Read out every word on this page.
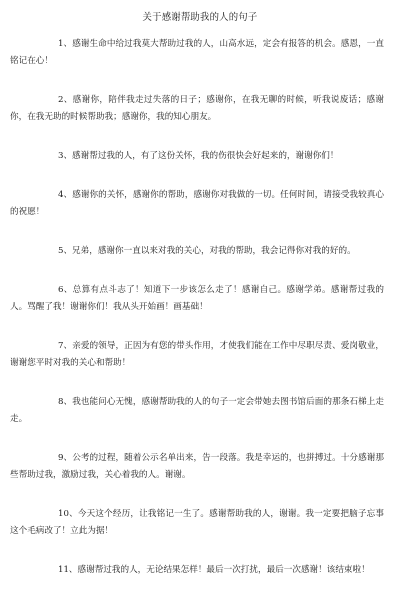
关于感谢帮助我的人的句子

1、感谢生命中给过我莫大帮助过我的人，山高水远，定会有报答的机会。感恩，一直铭记在心！

2、感谢你，陪伴我走过失落的日子；感谢你，在我无聊的时候，听我说废话；感谢你，在我无助的时候帮助我；感谢你，我的知心朋友。

3、感谢帮过我的人，有了这份关怀，我的伤很快会好起来的，谢谢你们！

4、感谢你的关怀，感谢你的帮助，感谢你对我做的一切。任何时间，请接受我较真心的祝愿！

5、兄弟，感谢你一直以来对我的关心，对我的帮助，我会记得你对我的好的。

6、总算有点斗志了！知道下一步该怎么走了！感谢自己。感谢学弟。感谢帮过我的人。骂醒了我！谢谢你们！我从头开始画！画基础！

7、亲爱的领导，正因为有您的带头作用，才使我们能在工作中尽职尽责、爱岗敬业，谢谢您平时对我的关心和帮助！

8、我也能问心无愧，感谢帮助我的人的句子一定会带她去图书馆后面的那条石梯上走走。

9、公考的过程，随着公示名单出来，告一段落。我是幸运的，也拼搏过。十分感谢那些帮助过我，激励过我，关心着我的人。谢谢。

10、今天这个经历，让我铭记一生了。感谢帮助我的人，谢谢。我一定要把脑子忘事这个毛病改了！立此为据！

11、感谢帮过我的人，无论结果怎样！最后一次打扰，最后一次感谢！该结束啦！
